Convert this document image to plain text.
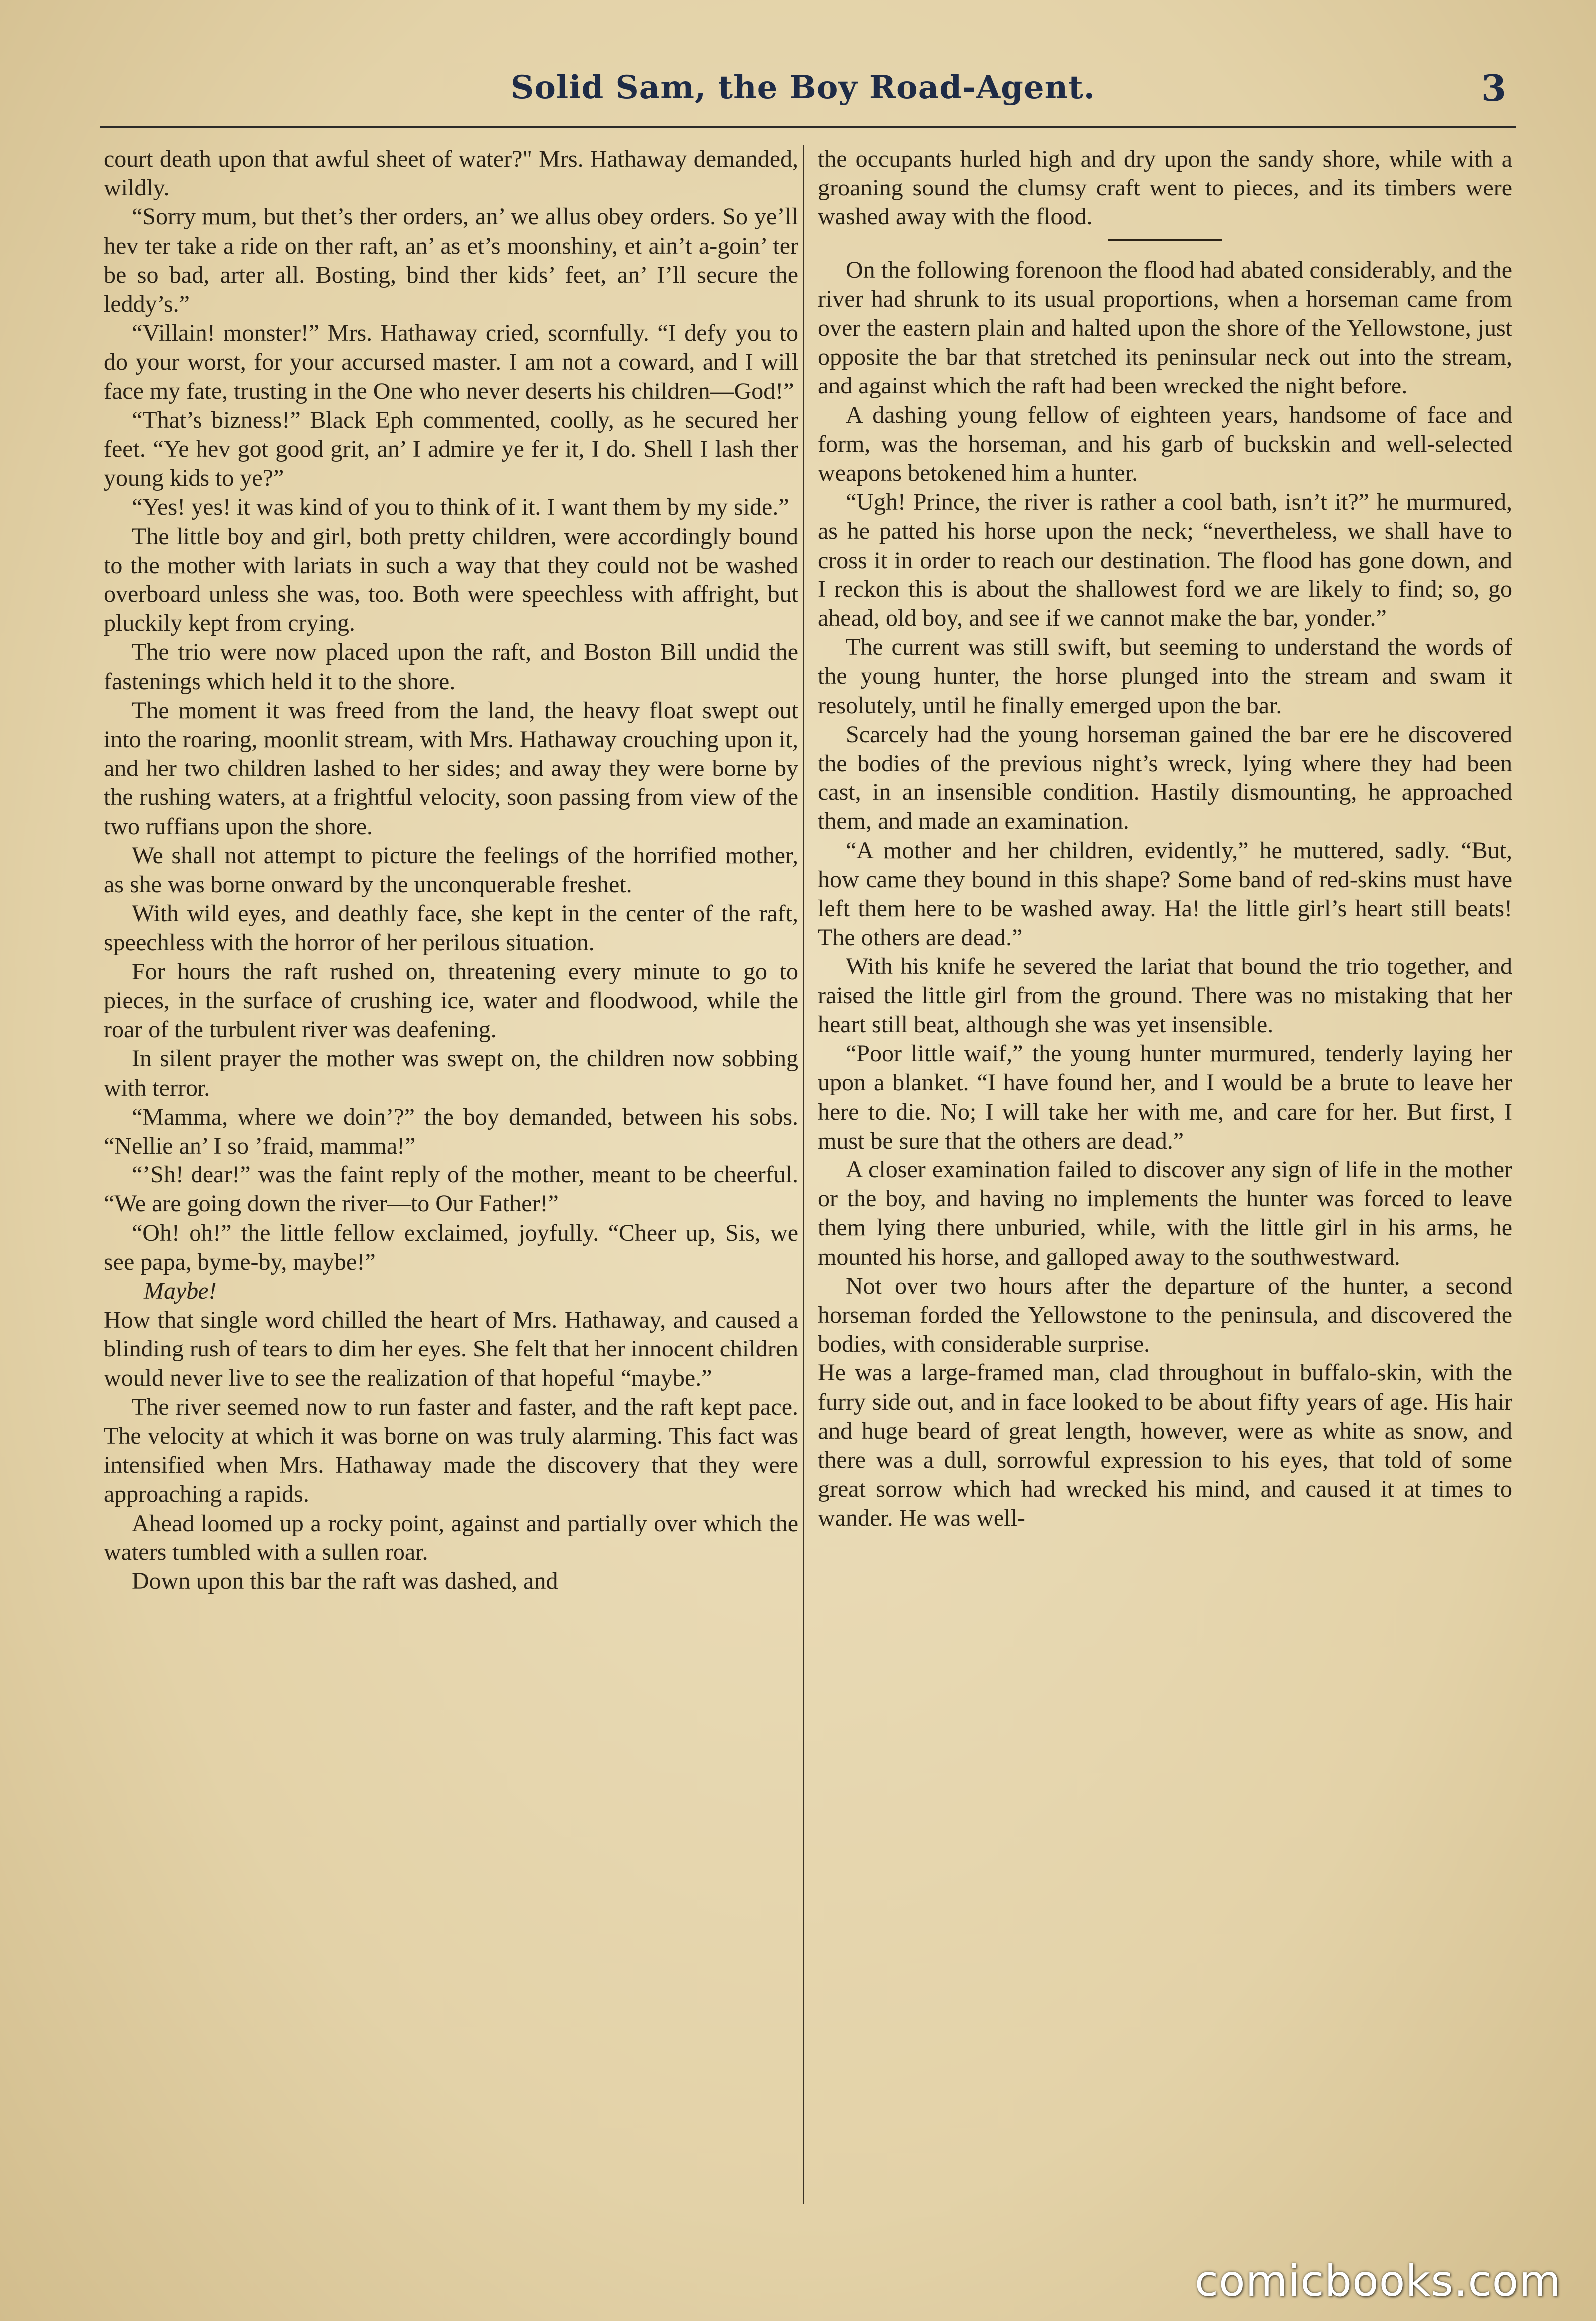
Solid Sam, the Boy Road-Agent.	3

court death upon that awful sheet of water?" Mrs. Hathaway demanded, wildly.

“Sorry mum, but thet’s ther orders, an’ we allus obey orders. So ye’ll hev ter take a ride on ther raft, an’ as et’s moonshiny, et ain’t a-goin’ ter be so bad, arter all. Bosting, bind ther kids’ feet, an’ I’ll secure the leddy’s.”

“Villain! monster!” Mrs. Hathaway cried, scornfully. “I defy you to do your worst, for your accursed master. I am not a coward, and I will face my fate, trusting in the One who never deserts his children—God!”

“That’s bizness!” Black Eph commented, coolly, as he secured her feet. “Ye hev got good grit, an’ I admire ye fer it, I do. Shell I lash ther young kids to ye?”

“Yes! yes! it was kind of you to think of it. I want them by my side.”

The little boy and girl, both pretty children, were accordingly bound to the mother with lariats in such a way that they could not be washed overboard unless she was, too. Both were speechless with affright, but pluckily kept from crying.

The trio were now placed upon the raft, and Boston Bill undid the fastenings which held it to the shore.

The moment it was freed from the land, the heavy float swept out into the roaring, moonlit stream, with Mrs. Hathaway crouching upon it, and her two children lashed to her sides; and away they were borne by the rushing waters, at a frightful velocity, soon passing from view of the two ruffians upon the shore.

We shall not attempt to picture the feelings of the horrified mother, as she was borne onward by the unconquerable freshet.

With wild eyes, and deathly face, she kept in the center of the raft, speechless with the horror of her perilous situation.

For hours the raft rushed on, threatening every minute to go to pieces, in the surface of crushing ice, water and floodwood, while the roar of the turbulent river was deafening.

In silent prayer the mother was swept on, the children now sobbing with terror.

“Mamma, where we doin’?” the boy demanded, between his sobs. “Nellie an’ I so ’fraid, mamma!”

“’Sh! dear!” was the faint reply of the mother, meant to be cheerful. “We are going down the river—to Our Father!”

“Oh! oh!” the little fellow exclaimed, joyfully. “Cheer up, Sis, we see papa, byme-by, maybe!”

Maybe!

How that single word chilled the heart of Mrs. Hathaway, and caused a blinding rush of tears to dim her eyes. She felt that her innocent children would never live to see the realization of that hopeful “maybe.”

The river seemed now to run faster and faster, and the raft kept pace. The velocity at which it was borne on was truly alarming. This fact was intensified when Mrs. Hathaway made the discovery that they were approaching a rapids.

Ahead loomed up a rocky point, against and partially over which the waters tumbled with a sullen roar.

Down upon this bar the raft was dashed, and

the occupants hurled high and dry upon the sandy shore, while with a groaning sound the clumsy craft went to pieces, and its timbers were washed away with the flood.

On the following forenoon the flood had abated considerably, and the river had shrunk to its usual proportions, when a horseman came from over the eastern plain and halted upon the shore of the Yellowstone, just opposite the bar that stretched its peninsular neck out into the stream, and against which the raft had been wrecked the night before.

A dashing young fellow of eighteen years, handsome of face and form, was the horseman, and his garb of buckskin and well-selected weapons betokened him a hunter.

“Ugh! Prince, the river is rather a cool bath, isn’t it?” he murmured, as he patted his horse upon the neck; “nevertheless, we shall have to cross it in order to reach our destination. The flood has gone down, and I reckon this is about the shallowest ford we are likely to find; so, go ahead, old boy, and see if we cannot make the bar, yonder.”

The current was still swift, but seeming to understand the words of the young hunter, the horse plunged into the stream and swam it resolutely, until he finally emerged upon the bar.

Scarcely had the young horseman gained the bar ere he discovered the bodies of the previous night’s wreck, lying where they had been cast, in an insensible condition. Hastily dismounting, he approached them, and made an examination.

“A mother and her children, evidently,” he muttered, sadly. “But, how came they bound in this shape? Some band of red-skins must have left them here to be washed away. Ha! the little girl’s heart still beats! The others are dead.”

With his knife he severed the lariat that bound the trio together, and raised the little girl from the ground. There was no mistaking that her heart still beat, although she was yet insensible.

“Poor little waif,” the young hunter murmured, tenderly laying her upon a blanket. “I have found her, and I would be a brute to leave her here to die. No; I will take her with me, and care for her. But first, I must be sure that the others are dead.”

A closer examination failed to discover any sign of life in the mother or the boy, and having no implements the hunter was forced to leave them lying there unburied, while, with the little girl in his arms, he mounted his horse, and galloped away to the southwestward.

Not over two hours after the departure of the hunter, a second horseman forded the Yellowstone to the peninsula, and discovered the bodies, with considerable surprise.

He was a large-framed man, clad throughout in buffalo-skin, with the furry side out, and in face looked to be about fifty years of age. His hair and huge beard of great length, however, were as white as snow, and there was a dull, sorrowful expression to his eyes, that told of some great sorrow which had wrecked his mind, and caused it at times to wander. He was well-

comicbooks.com
